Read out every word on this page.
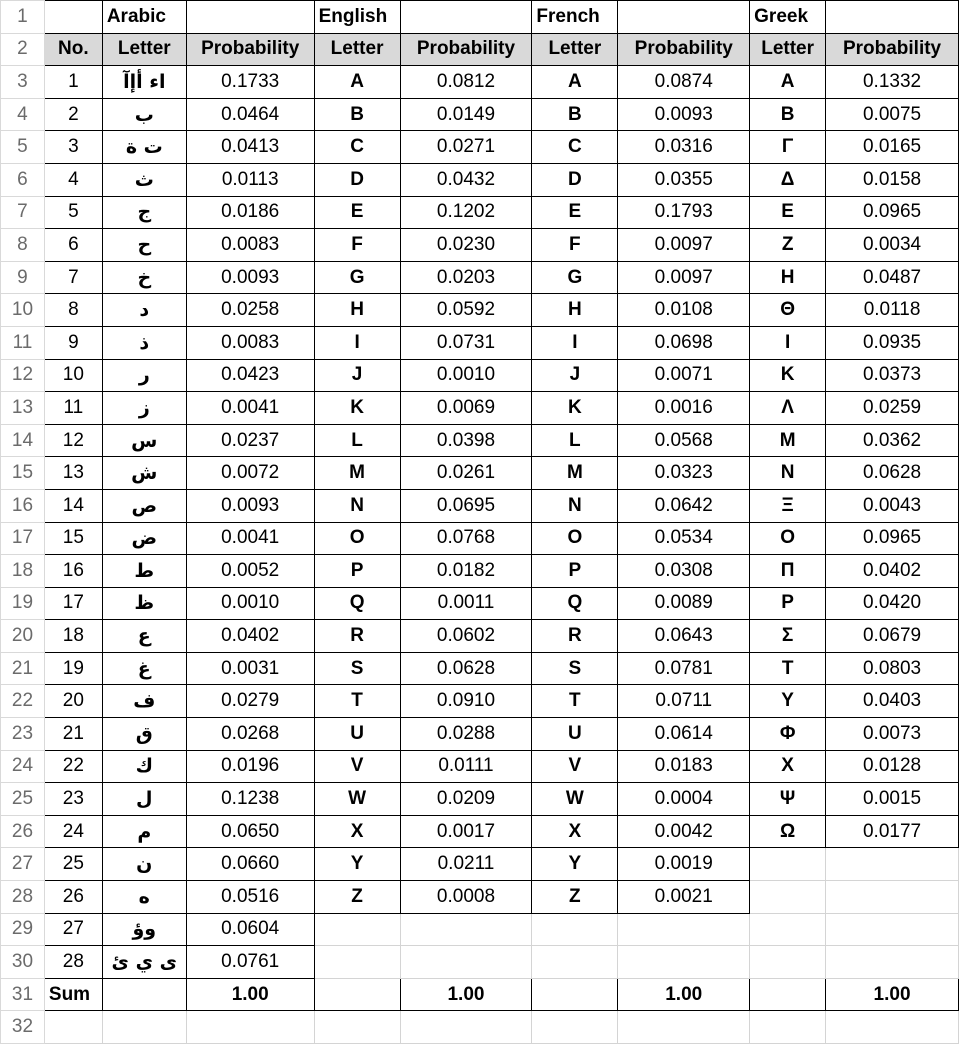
1		Arabic		English		French		Greek	
2	No.	Letter	Probability	Letter	Probability	Letter	Probability	Letter	Probability
3	1	اء أإآ	0.1733	A	0.0812	A	0.0874	Α	0.1332
4	2	ب	0.0464	B	0.0149	B	0.0093	Β	0.0075
5	3	ت ة	0.0413	C	0.0271	C	0.0316	Γ	0.0165
6	4	ث	0.0113	D	0.0432	D	0.0355	Δ	0.0158
7	5	ج	0.0186	E	0.1202	E	0.1793	Ε	0.0965
8	6	ح	0.0083	F	0.0230	F	0.0097	Ζ	0.0034
9	7	خ	0.0093	G	0.0203	G	0.0097	Η	0.0487
10	8	د	0.0258	H	0.0592	H	0.0108	Θ	0.0118
11	9	ذ	0.0083	I	0.0731	I	0.0698	Ι	0.0935
12	10	ر	0.0423	J	0.0010	J	0.0071	Κ	0.0373
13	11	ز	0.0041	K	0.0069	K	0.0016	Λ	0.0259
14	12	س	0.0237	L	0.0398	L	0.0568	Μ	0.0362
15	13	ش	0.0072	M	0.0261	M	0.0323	Ν	0.0628
16	14	ص	0.0093	N	0.0695	N	0.0642	Ξ	0.0043
17	15	ض	0.0041	O	0.0768	O	0.0534	Ο	0.0965
18	16	ط	0.0052	P	0.0182	P	0.0308	Π	0.0402
19	17	ظ	0.0010	Q	0.0011	Q	0.0089	Ρ	0.0420
20	18	ع	0.0402	R	0.0602	R	0.0643	Σ	0.0679
21	19	غ	0.0031	S	0.0628	S	0.0781	Τ	0.0803
22	20	ف	0.0279	T	0.0910	T	0.0711	Υ	0.0403
23	21	ق	0.0268	U	0.0288	U	0.0614	Φ	0.0073
24	22	ك	0.0196	V	0.0111	V	0.0183	Χ	0.0128
25	23	ل	0.1238	W	0.0209	W	0.0004	Ψ	0.0015
26	24	م	0.0650	X	0.0017	X	0.0042	Ω	0.0177
27	25	ن	0.0660	Y	0.0211	Y	0.0019		
28	26	ه	0.0516	Z	0.0008	Z	0.0021		
29	27	وؤ	0.0604						
30	28	ى ي ئ	0.0761						
31	Sum		1.00		1.00		1.00		1.00
32									
